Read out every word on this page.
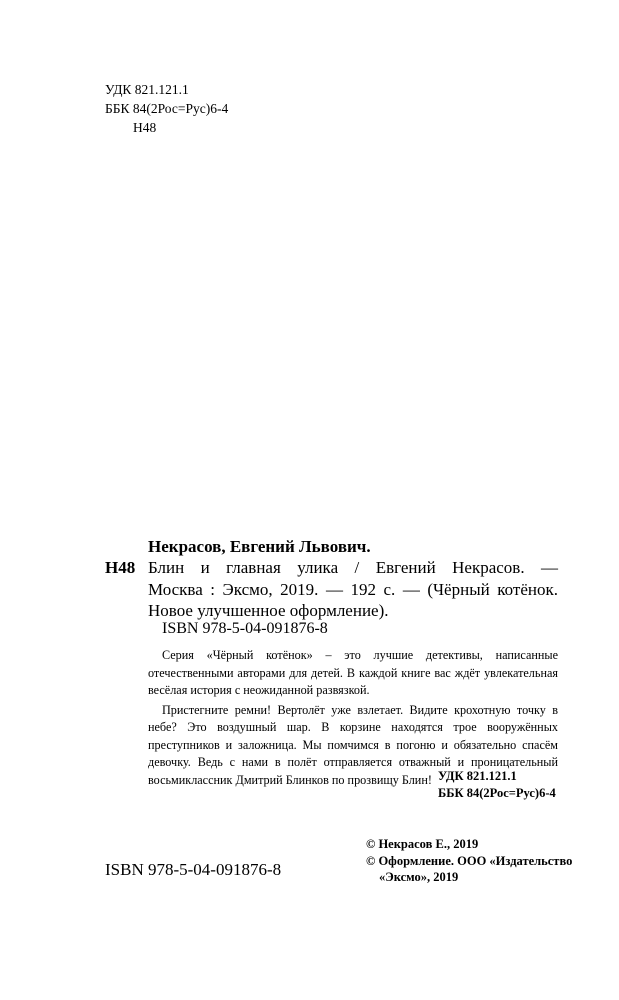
УДК 821.121.1
ББК 84(2Рос=Рус)6-4
Н48
Некрасов, Евгений Львович.
Н48 Блин и главная улика / Евгений Некрасов. —
Москва : Эксмо, 2019. — 192 с. — (Чёрный котёнок.
Новое улучшенное оформление).
ISBN 978-5-04-091876-8

Серия «Чёрный котёнок» – это лучшие детективы, написанные отечественными авторами для детей. В каждой книге вас ждёт увлекательная весёлая история с неожиданной развязкой.

Пристегните ремни! Вертолёт уже взлетает. Видите крохотную точку в небе? Это воздушный шар. В корзине находятся трое вооружённых преступников и заложница. Мы помчимся в погоню и обязательно спасём девочку. Ведь с нами в полёт отправляется отважный и проницательный восьмиклассник Дмитрий Блинков по прозвищу Блин! УДК 821.121.1
ББК 84(2Рос=Рус)6-4
© Некрасов Е., 2019
© Оформление. ООО «Издательство
«Эксмо», 2019
ISBN 978-5-04-091876-8
